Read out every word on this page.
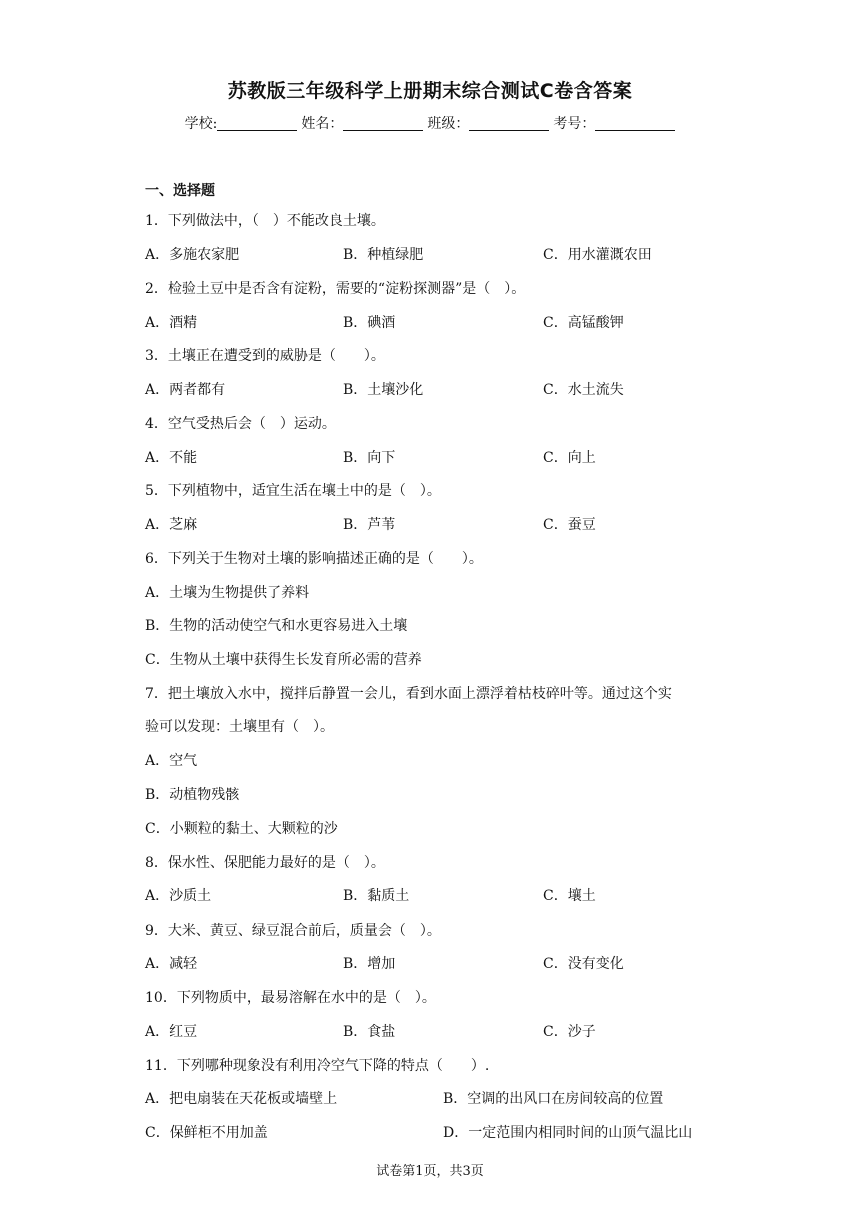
苏教版三年级科学上册期末综合测试C卷含答案
学校:	姓名：	班级：	考号：
一、选择题
1．下列做法中，（　）不能改良土壤。
A．多施农家肥	B．种植绿肥	C．用水灌溉农田
2．检验土豆中是否含有淀粉，需要的“淀粉探测器”是（　）。
A．酒精	B．碘酒	C．高锰酸钾
3．土壤正在遭受到的威胁是（　　）。
A．两者都有	B．土壤沙化	C．水土流失
4．空气受热后会（　）运动。
A．不能	B．向下	C．向上
5．下列植物中，适宜生活在壤土中的是（　）。
A．芝麻	B．芦苇	C．蚕豆
6．下列关于生物对土壤的影响描述正确的是（　　）。
A．土壤为生物提供了养料
B．生物的活动使空气和水更容易进入土壤
C．生物从土壤中获得生长发育所必需的营养
7．把土壤放入水中，搅拌后静置一会儿，看到水面上漂浮着枯枝碎叶等。通过这个实
验可以发现：土壤里有（　）。
A．空气
B．动植物残骸
C．小颗粒的黏土、大颗粒的沙
8．保水性、保肥能力最好的是（　）。
A．沙质土	B．黏质土	C．壤土
9．大米、黄豆、绿豆混合前后，质量会（　）。
A．减轻	B．增加	C．没有变化
10．下列物质中，最易溶解在水中的是（　）。
A．红豆	B．食盐	C．沙子
11．下列哪种现象没有利用冷空气下降的特点（　　）.
A．把电扇装在天花板或墙壁上	B．空调的出风口在房间较高的位置
C．保鲜柜不用加盖	D．一定范围内相同时间的山顶气温比山
试卷第1页，共3页
